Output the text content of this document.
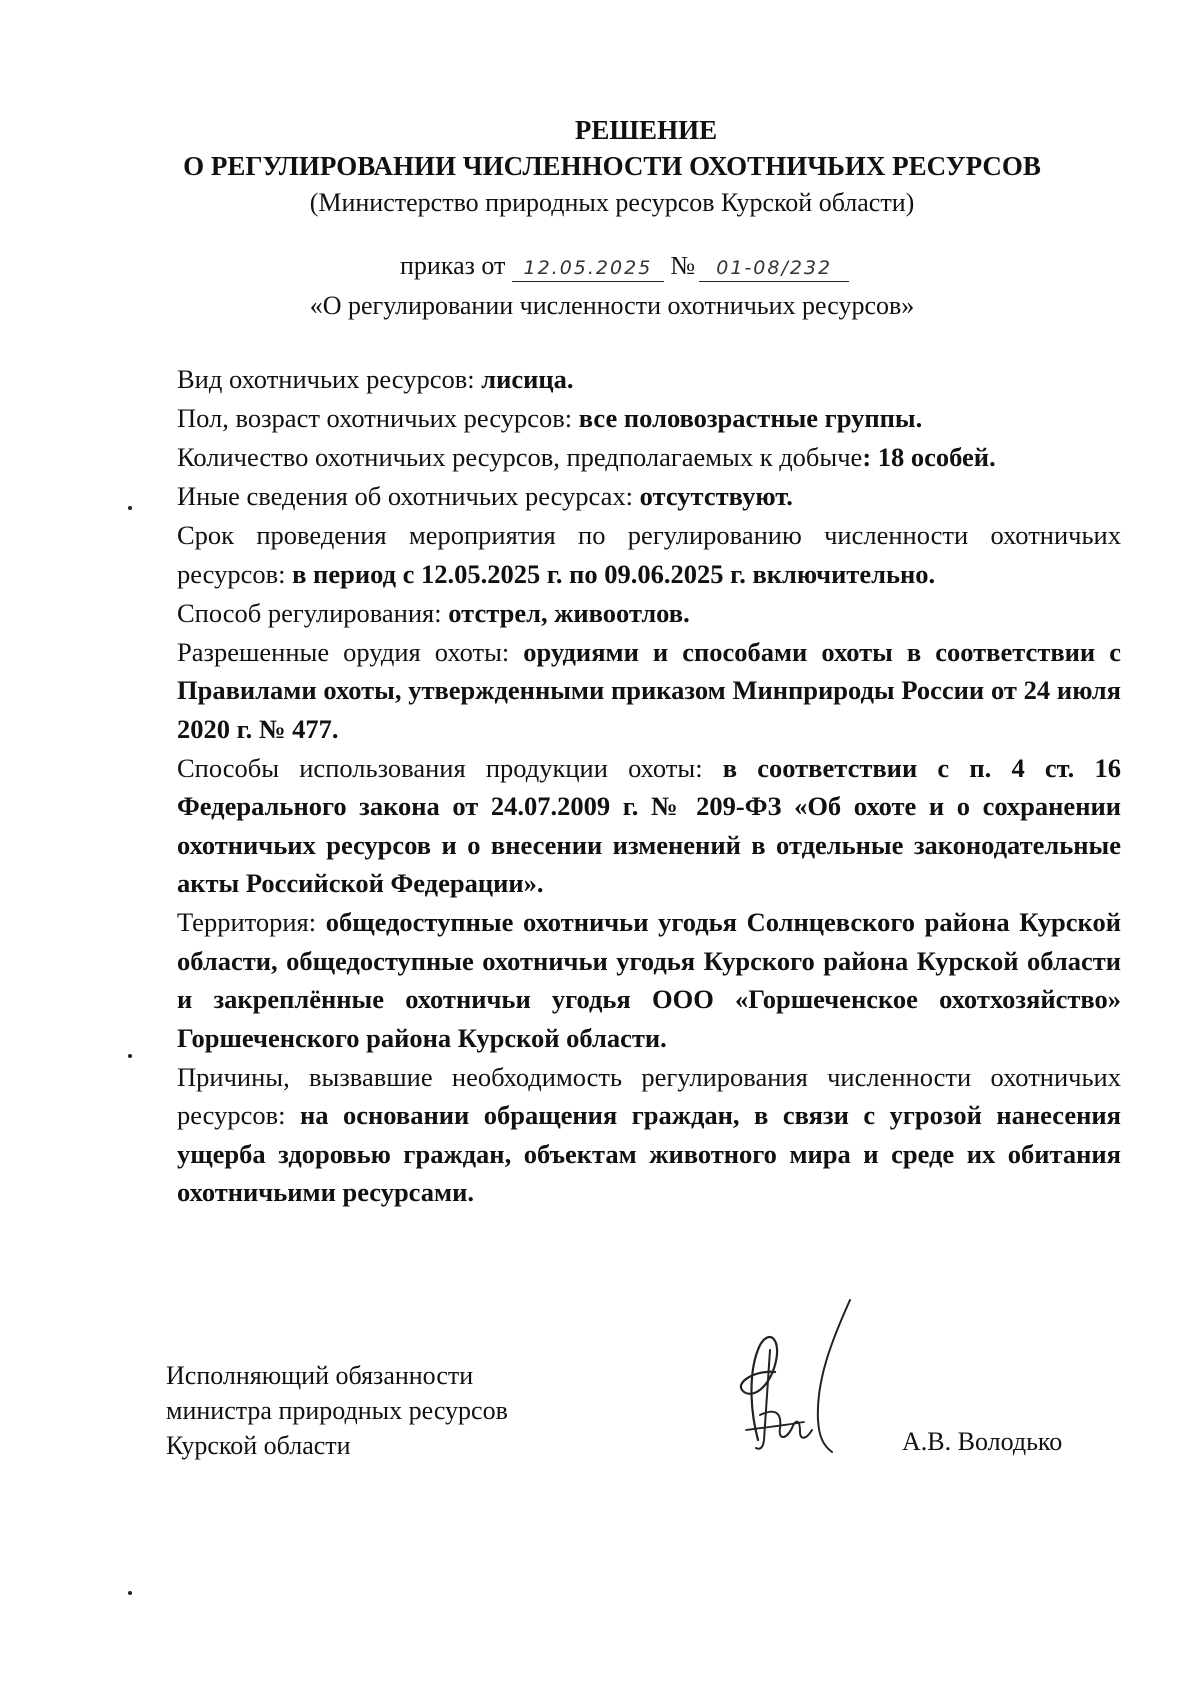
РЕШЕНИЕ
О РЕГУЛИРОВАНИИ ЧИСЛЕННОСТИ ОХОТНИЧЬИХ РЕСУРСОВ
(Министерство природных ресурсов Курской области)
приказ от 12.05.2025 № 01-08/232
«О регулировании численности охотничьих ресурсов»

Вид охотничьих ресурсов: лисица.

Пол, возраст охотничьих ресурсов: все половозрастные группы.

Количество охотничьих ресурсов, предполагаемых к добыче: 18 особей.

Иные сведения об охотничьих ресурсах: отсутствуют.

Срок проведения мероприятия по регулированию численности охотничьих ресурсов: в период с 12.05.2025 г. по 09.06.2025 г. включительно.

Способ регулирования: отстрел, живоотлов.

Разрешенные орудия охоты: орудиями и способами охоты в соответствии с Правилами охоты, утвержденными приказом Минприроды России от 24 июля 2020 г. № 477.

Способы использования продукции охоты: в соответствии с п. 4 ст. 16 Федерального закона от 24.07.2009 г. № 209-ФЗ «Об охоте и о сохранении охотничьих ресурсов и о внесении изменений в отдельные законодательные акты Российской Федерации».

Территория: общедоступные охотничьи угодья Солнцевского района Курской области, общедоступные охотничьи угодья Курского района Курской области и закреплённые охотничьи угодья ООО «Горшеченское охотхозяйство» Горшеченского района Курской области.

Причины, вызвавшие необходимость регулирования численности охотничьих ресурсов: на основании обращения граждан, в связи с угрозой нанесения ущерба здоровью граждан, объектам животного мира и среде их обитания охотничьими ресурсами.

Исполняющий обязанности
министра природных ресурсов
Курской области	А.В. Володько
